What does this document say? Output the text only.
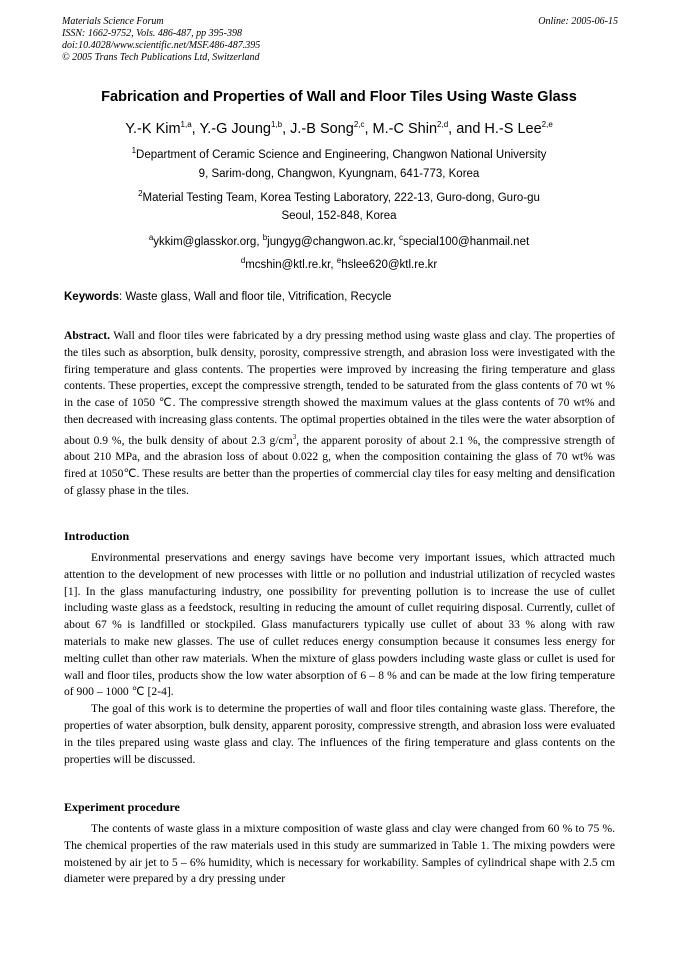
Materials Science Forum
ISSN: 1662-9752, Vols. 486-487, pp 395-398
doi:10.4028/www.scientific.net/MSF.486-487.395
© 2005 Trans Tech Publications Ltd, Switzerland
Online: 2005-06-15
Fabrication and Properties of Wall and Floor Tiles Using Waste Glass
Y.-K Kim$^{1,a}$, Y.-G Joung$^{1,b}$, J.-B Song$^{2,c}$, M.-C Shin$^{2,d}$, and H.-S Lee$^{2,e}$
$^1$Department of Ceramic Science and Engineering, Changwon National University
9, Sarim-dong, Changwon, Kyungnam, 641-773, Korea
$^2$Material Testing Team, Korea Testing Laboratory, 222-13, Guro-dong, Guro-gu
Seoul, 152-848, Korea
$^a$ykkim@glasskor.org, $^b$jungyg@changwon.ac.kr, $^c$special100@hanmail.net
$^d$mcshin@ktl.re.kr, $^e$hslee620@ktl.re.kr
Keywords: Waste glass, Wall and floor tile, Vitrification, Recycle

Abstract. Wall and floor tiles were fabricated by a dry pressing method using waste glass and clay. The properties of the tiles such as absorption, bulk density, porosity, compressive strength, and abrasion loss were investigated with the firing temperature and glass contents. The properties were improved by increasing the firing temperature and glass contents. These properties, except the compressive strength, tended to be saturated from the glass contents of 70 wt % in the case of 1050 ℃. The compressive strength showed the maximum values at the glass contents of 70 wt% and then decreased with increasing glass contents. The optimal properties obtained in the tiles were the water absorption of about 0.9 %, the bulk density of about 2.3 $g/cm^3$, the apparent porosity of about 2.1 %, the compressive strength of about 210 MPa, and the abrasion loss of about 0.022 g, when the composition containing the glass of 70 wt% was fired at 1050℃. These results are better than the properties of commercial clay tiles for easy melting and densification of glassy phase in the tiles.

Introduction

Environmental preservations and energy savings have become very important issues, which attracted much attention to the development of new processes with little or no pollution and industrial utilization of recycled wastes [1]. In the glass manufacturing industry, one possibility for preventing pollution is to increase the use of cullet including waste glass as a feedstock, resulting in reducing the amount of cullet requiring disposal. Currently, cullet of about 67 % is landfilled or stockpiled. Glass manufacturers typically use cullet of about 33 % along with raw materials to make new glasses. The use of cullet reduces energy consumption because it consumes less energy for melting cullet than other raw materials. When the mixture of glass powders including waste glass or cullet is used for wall and floor tiles, products show the low water absorption of 6 – 8 % and can be made at the low firing temperature of 900 – 1000 ℃ [2-4].

The goal of this work is to determine the properties of wall and floor tiles containing waste glass. Therefore, the properties of water absorption, bulk density, apparent porosity, compressive strength, and abrasion loss were evaluated in the tiles prepared using waste glass and clay. The influences of the firing temperature and glass contents on the properties will be discussed.

Experiment procedure

The contents of waste glass in a mixture composition of waste glass and clay were changed from 60 % to 75 %. The chemical properties of the raw materials used in this study are summarized in Table 1. The mixing powders were moistened by air jet to 5 – 6% humidity, which is necessary for workability. Samples of cylindrical shape with 2.5 cm diameter were prepared by a dry pressing under
